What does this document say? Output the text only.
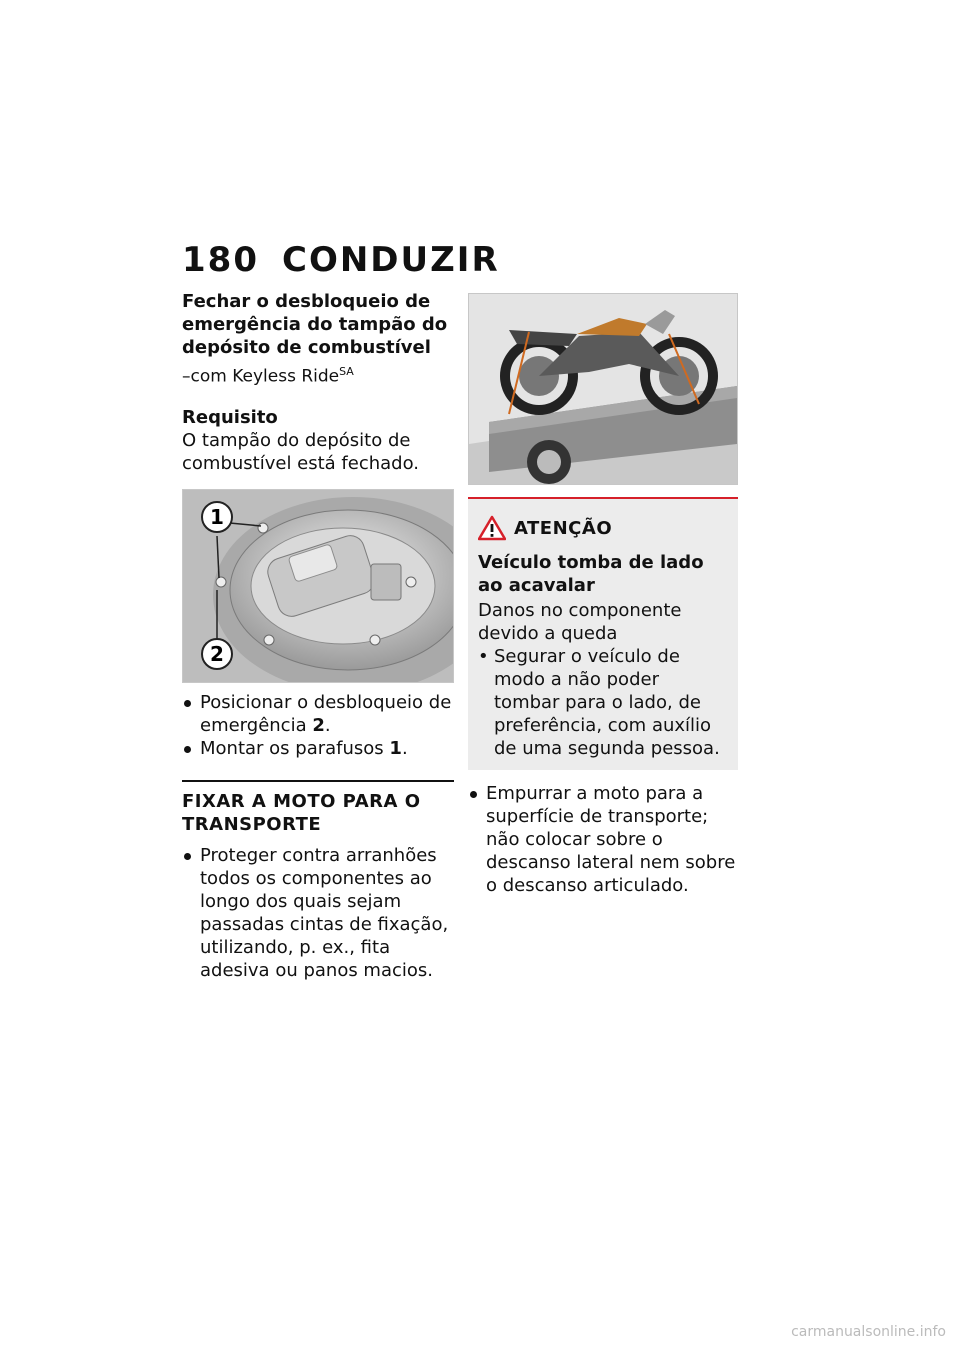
180 CONDUZIR

Fechar o desbloqueio de emergência do tampão do depósito de combustível

–com Keyless Ride$^{SA}$

Requisito

O tampão do depósito de combustível está fechado.

1
2
Posicionar o desbloqueio de emergência 2.
Montar os parafusos 1.

FIXAR A MOTO PARA O TRANSPORTE

Proteger contra arranhões todos os componentes ao longo dos quais sejam passadas cintas de fixação, utilizando, p. ex., fita adesiva ou panos macios.
ATENÇÃO

Veículo tomba de lado ao acavalar

Danos no componente devido a queda

• Segurar o veículo de modo a não poder tombar para o lado, de preferência, com auxílio de uma segunda pessoa.
Empurrar a moto para a superfície de transporte; não colocar sobre o descanso lateral nem sobre o descanso articulado.
carmanualsonline.info
